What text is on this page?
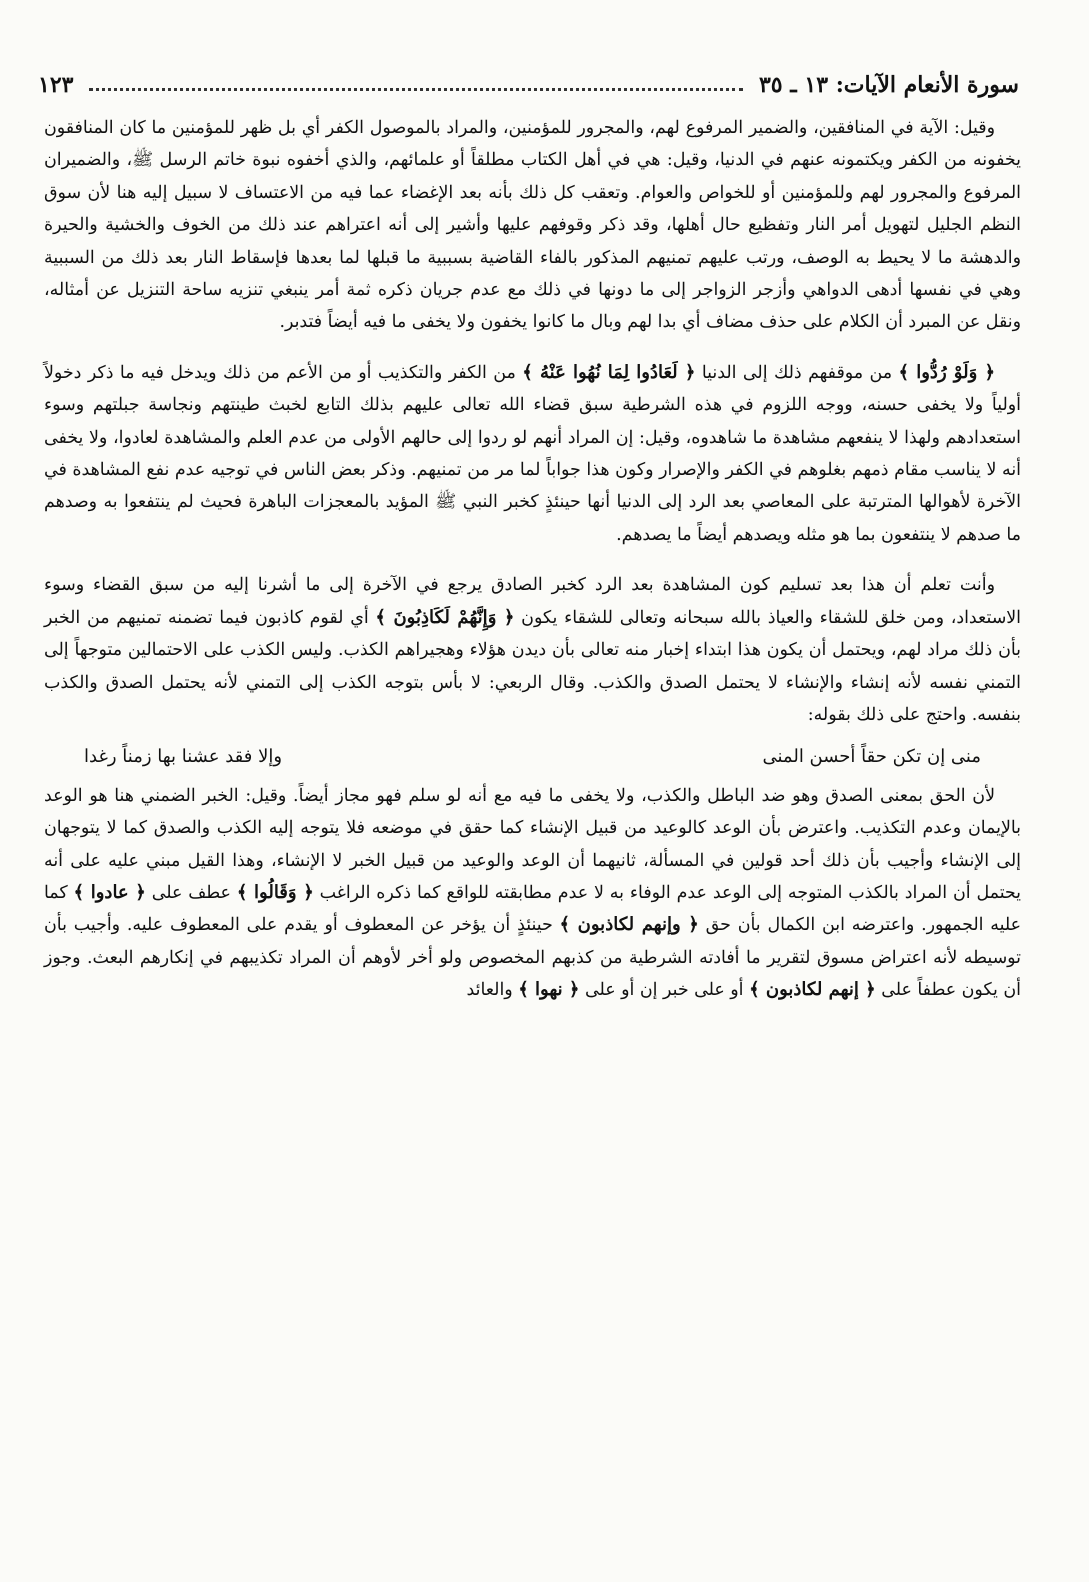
سورة الأنعام الآيات: ١٣ ـ ٣٥
١٢٣

وقيل: الآية في المنافقين، والضمير المرفوع لهم، والمجرور للمؤمنين، والمراد بالموصول الكفر أي بل ظهر للمؤمنين ما كان المنافقون يخفونه من الكفر ويكتمونه عنهم في الدنيا، وقيل: هي في أهل الكتاب مطلقاً أو علمائهم، والذي أخفوه نبوة خاتم الرسل ﷺ، والضميران المرفوع والمجرور لهم وللمؤمنين أو للخواص والعوام. وتعقب كل ذلك بأنه بعد الإغضاء عما فيه من الاعتساف لا سبيل إليه هنا لأن سوق النظم الجليل لتهويل أمر النار وتفظيع حال أهلها، وقد ذكر وقوفهم عليها وأشير إلى أنه اعتراهم عند ذلك من الخوف والخشية والحيرة والدهشة ما لا يحيط به الوصف، ورتب عليهم تمنيهم المذكور بالفاء القاضية بسببية ما قبلها لما بعدها فإسقاط النار بعد ذلك من السببية وهي في نفسها أدهى الدواهي وأزجر الزواجر إلى ما دونها في ذلك مع عدم جريان ذكره ثمة أمر ينبغي تنزيه ساحة التنزيل عن أمثاله، ونقل عن المبرد أن الكلام على حذف مضاف أي بدا لهم وبال ما كانوا يخفون ولا يخفى ما فيه أيضاً فتدبر.

﴿ وَلَوْ رُدُّوا ﴾ من موقفهم ذلك إلى الدنيا ﴿ لَعَادُوا لِمَا نُهُوا عَنْهُ ﴾ من الكفر والتكذيب أو من الأعم من ذلك ويدخل فيه ما ذكر دخولاً أولياً ولا يخفى حسنه، ووجه اللزوم في هذه الشرطية سبق قضاء الله تعالى عليهم بذلك التابع لخبث طينتهم ونجاسة جبلتهم وسوء استعدادهم ولهذا لا ينفعهم مشاهدة ما شاهدوه، وقيل: إن المراد أنهم لو ردوا إلى حالهم الأولى من عدم العلم والمشاهدة لعادوا، ولا يخفى أنه لا يناسب مقام ذمهم بغلوهم في الكفر والإصرار وكون هذا جواباً لما مر من تمنيهم. وذكر بعض الناس في توجيه عدم نفع المشاهدة في الآخرة لأهوالها المترتبة على المعاصي بعد الرد إلى الدنيا أنها حينئذٍ كخبر النبي ﷺ المؤيد بالمعجزات الباهرة فحيث لم ينتفعوا به وصدهم ما صدهم لا ينتفعون بما هو مثله ويصدهم أيضاً ما يصدهم.

وأنت تعلم أن هذا بعد تسليم كون المشاهدة بعد الرد كخبر الصادق يرجع في الآخرة إلى ما أشرنا إليه من سبق القضاء وسوء الاستعداد، ومن خلق للشقاء والعياذ بالله سبحانه وتعالى للشقاء يكون ﴿ وَإِنَّهُمْ لَكَاذِبُونَ ﴾ أي لقوم كاذبون فيما تضمنه تمنيهم من الخبر بأن ذلك مراد لهم، ويحتمل أن يكون هذا ابتداء إخبار منه تعالى بأن ديدن هؤلاء وهجيراهم الكذب. وليس الكذب على الاحتمالين متوجهاً إلى التمني نفسه لأنه إنشاء والإنشاء لا يحتمل الصدق والكذب. وقال الربعي: لا بأس بتوجه الكذب إلى التمني لأنه يحتمل الصدق والكذب بنفسه. واحتج على ذلك بقوله:

منى إن تكن حقاً أحسن المنى
وإلا فقد عشنا بها زمناً رغدا

لأن الحق بمعنى الصدق وهو ضد الباطل والكذب، ولا يخفى ما فيه مع أنه لو سلم فهو مجاز أيضاً. وقيل: الخبر الضمني هنا هو الوعد بالإيمان وعدم التكذيب. واعترض بأن الوعد كالوعيد من قبيل الإنشاء كما حقق في موضعه فلا يتوجه إليه الكذب والصدق كما لا يتوجهان إلى الإنشاء وأجيب بأن ذلك أحد قولين في المسألة، ثانيهما أن الوعد والوعيد من قبيل الخبر لا الإنشاء، وهذا القيل مبني عليه على أنه يحتمل أن المراد بالكذب المتوجه إلى الوعد عدم الوفاء به لا عدم مطابقته للواقع كما ذكره الراغب ﴿ وَقَالُوا ﴾ عطف على ﴿ عادوا ﴾ كما عليه الجمهور. واعترضه ابن الكمال بأن حق ﴿ وإنهم لكاذبون ﴾ حينئذٍ أن يؤخر عن المعطوف أو يقدم على المعطوف عليه. وأجيب بأن توسيطه لأنه اعتراض مسوق لتقرير ما أفادته الشرطية من كذبهم المخصوص ولو أخر لأوهم أن المراد تكذيبهم في إنكارهم البعث. وجوز أن يكون عطفاً على ﴿ إنهم لكاذبون ﴾ أو على خبر إن أو على ﴿ نهوا ﴾ والعائد
